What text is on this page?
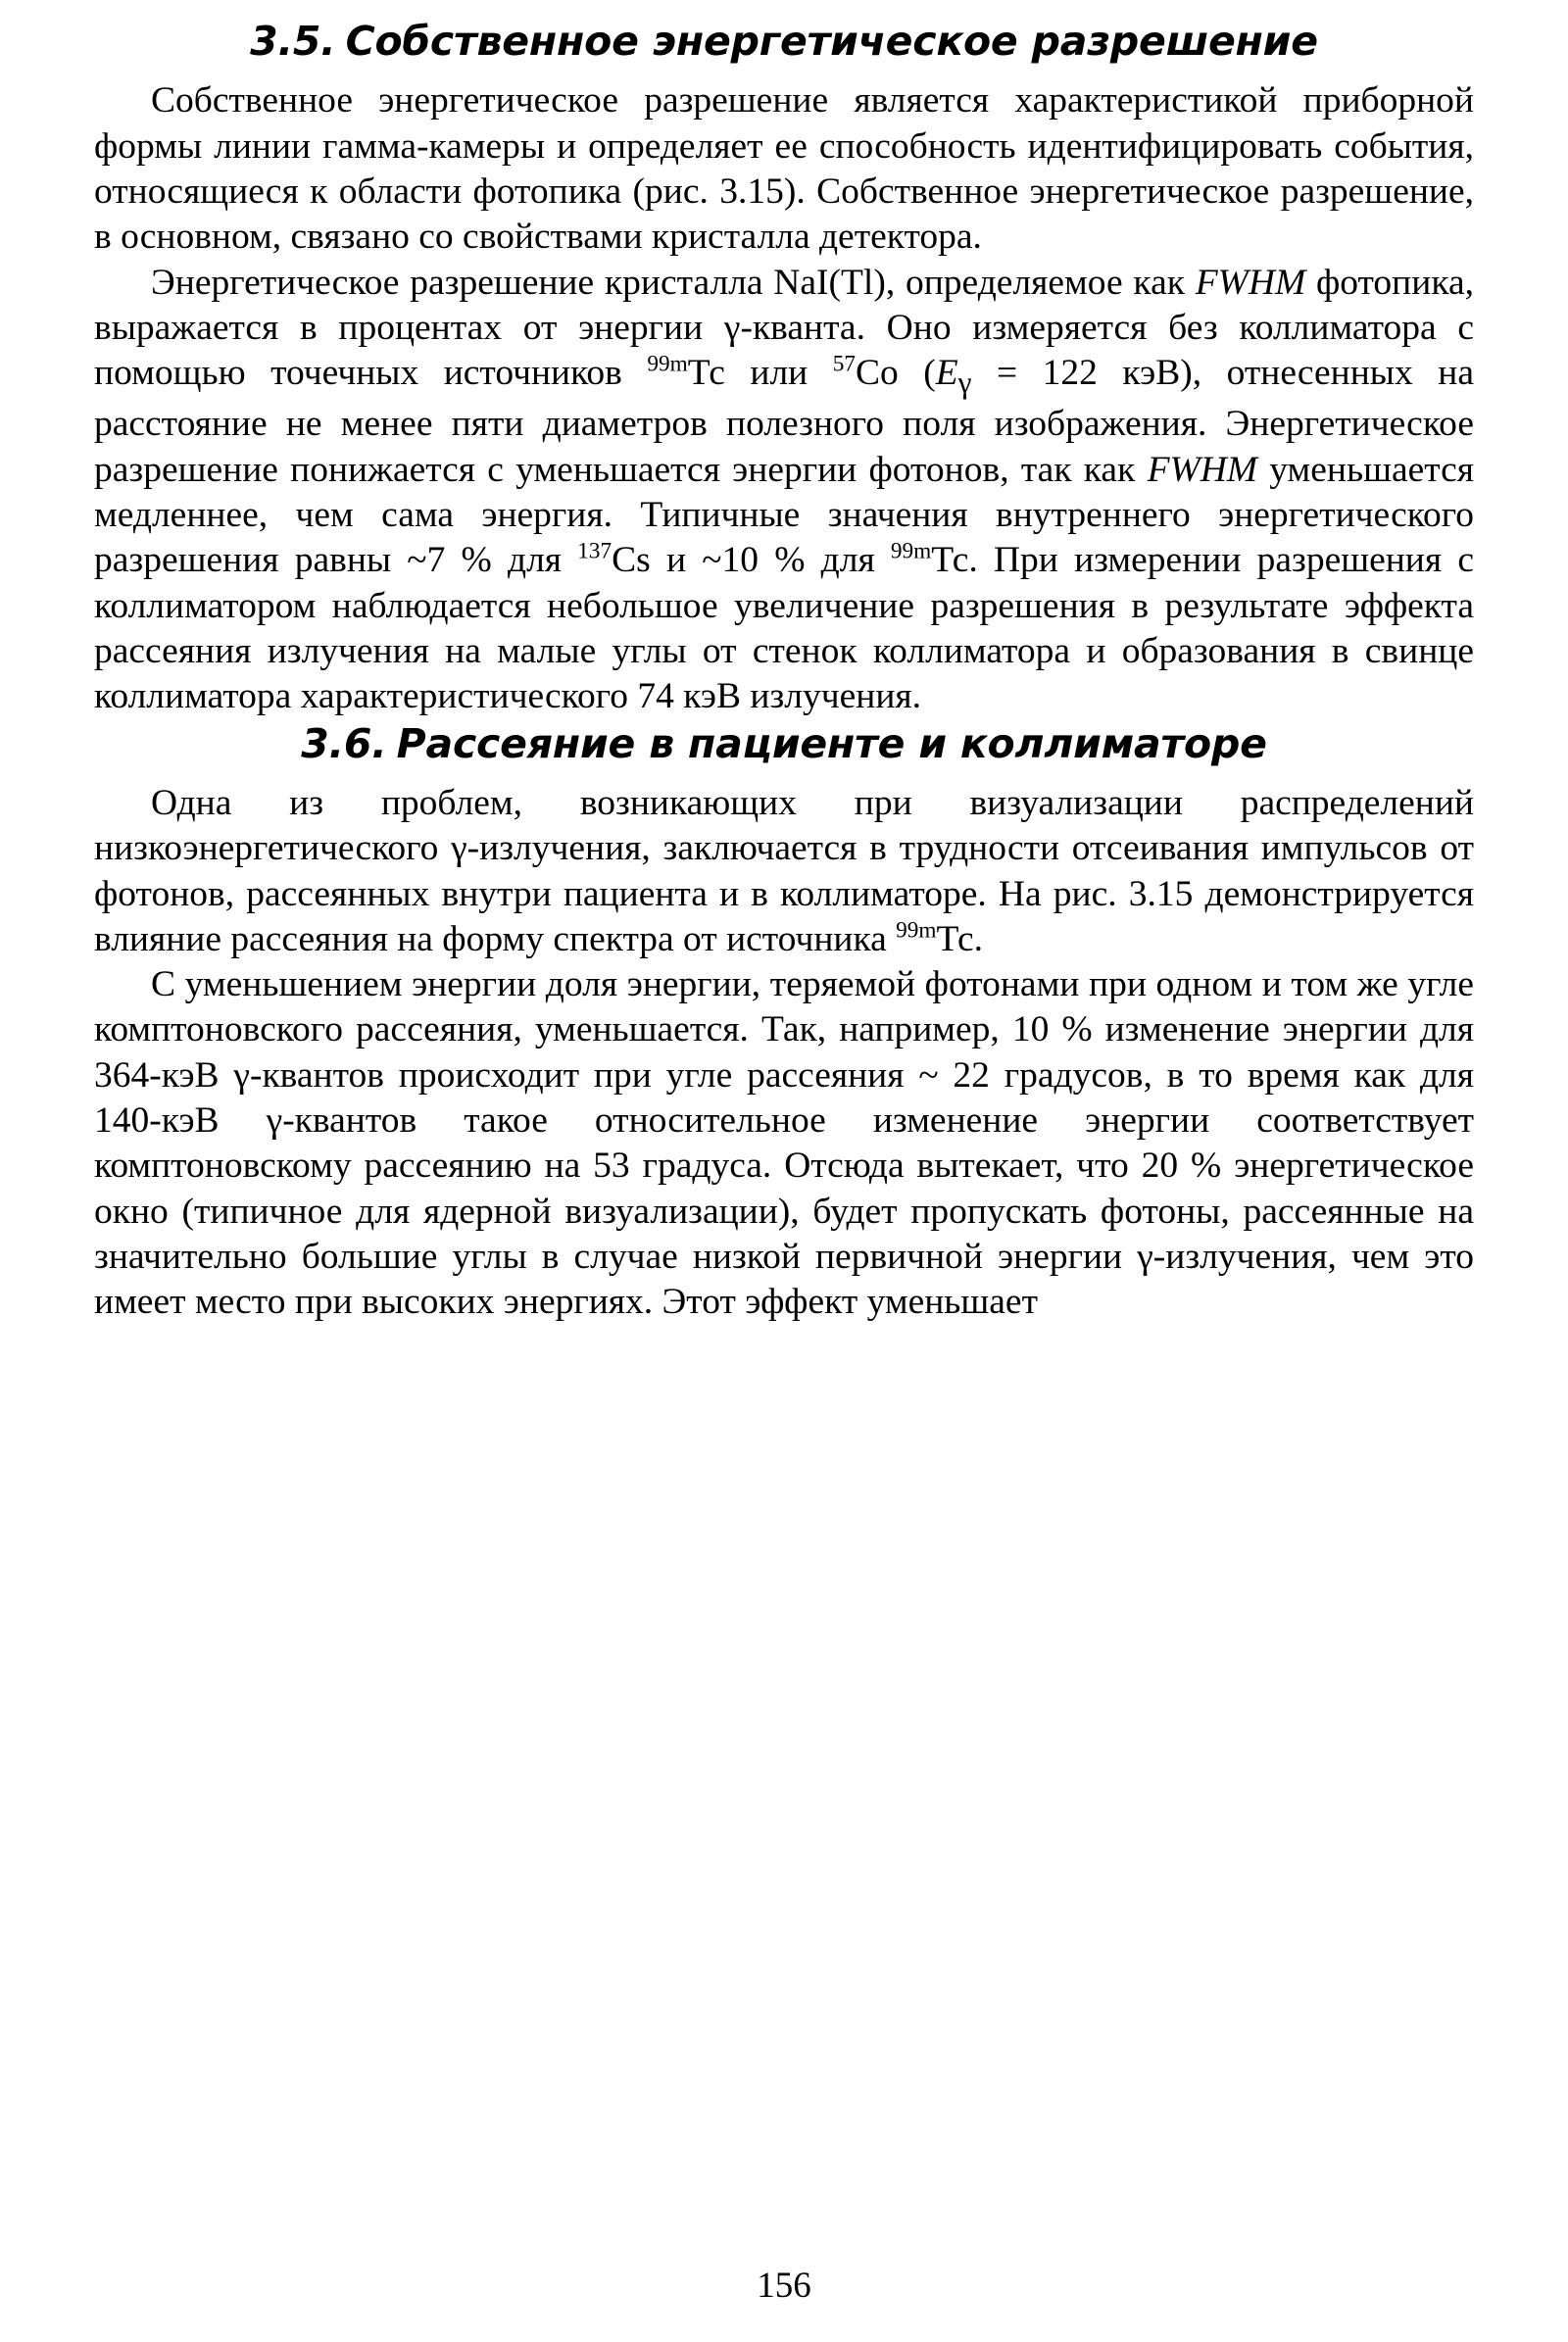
3.5. Собственное энергетическое разрешение

Собственное энергетическое разрешение является характеристикой приборной формы линии гамма-камеры и определяет ее способность идентифицировать события, относящиеся к области фотопика (рис. 3.15). Собственное энергетическое разрешение, в основном, связано со свойствами кристалла детектора.

Энергетическое разрешение кристалла NaI(Tl), определяемое как FWHM фотопика, выражается в процентах от энергии γ-кванта. Оно измеряется без коллиматора с помощью точечных источников $^{99m}$Тс или $^{57}$Со ($E_\gamma = 122$ кэВ), отнесенных на расстояние не менее пяти диаметров полезного поля изображения. Энергетическое разрешение понижается с уменьшается энергии фотонов, так как FWHM уменьшается медленнее, чем сама энергия. Типичные значения внутреннего энергетического разрешения равны ~7 % для $^{137}$Сs и ~10 % для $^{99m}$Тс. При измерении разрешения с коллиматором наблюдается небольшое увеличение разрешения в результате эффекта рассеяния излучения на малые углы от стенок коллиматора и образования в свинце коллиматора характеристического 74 кэВ излучения.

3.6. Рассеяние в пациенте и коллиматоре

Одна из проблем, возникающих при визуализации распределений низкоэнергетического γ-излучения, заключается в трудности отсеивания импульсов от фотонов, рассеянных внутри пациента и в коллиматоре. На рис. 3.15 демонстрируется влияние рассеяния на форму спектра от источника $^{99m}$Тс.

С уменьшением энергии доля энергии, теряемой фотонами при одном и том же угле комптоновского рассеяния, уменьшается. Так, например, 10 % изменение энергии для 364-кэВ γ-квантов происходит при угле рассеяния ~ 22 градусов, в то время как для 140-кэВ γ-квантов такое относительное изменение энергии соответствует комптоновскому рассеянию на 53 градуса. Отсюда вытекает, что 20 % энергетическое окно (типичное для ядерной визуализации), будет пропускать фотоны, рассеянные на значительно большие углы в случае низкой первичной энергии γ-излучения, чем это имеет место при высоких энергиях. Этот эффект уменьшает

156
